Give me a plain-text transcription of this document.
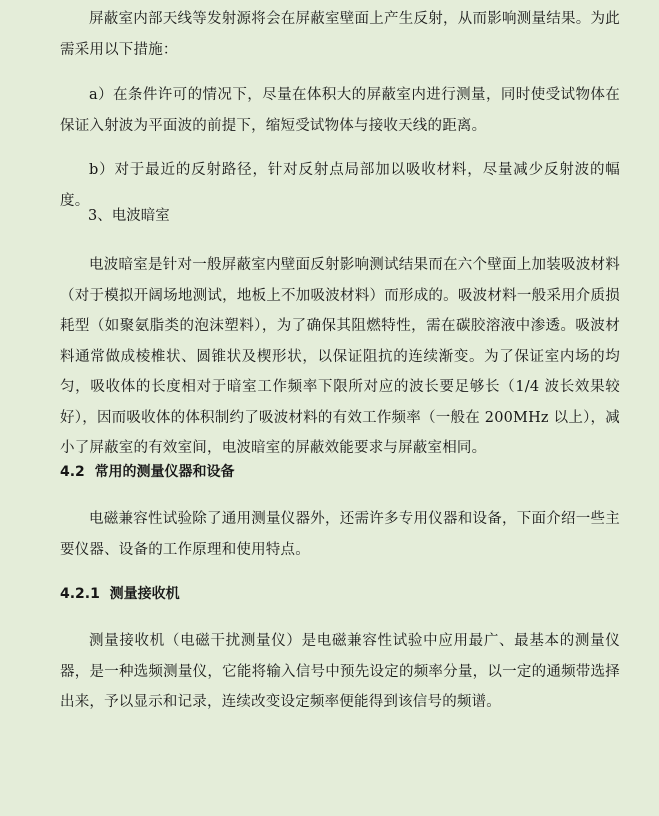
屏蔽室内部天线等发射源将会在屏蔽室壁面上产生反射，从而影响测量结果。为此需采用以下措施：

a）在条件许可的情况下，尽量在体积大的屏蔽室内进行测量，同时使受试物体在保证入射波为平面波的前提下，缩短受试物体与接收天线的距离。

b）对于最近的反射路径，针对反射点局部加以吸收材料，尽量减少反射波的幅度。

3、电波暗室

电波暗室是针对一般屏蔽室内壁面反射影响测试结果而在六个壁面上加装吸波材料（对于模拟开阔场地测试，地板上不加吸波材料）而形成的。吸波材料一般采用介质损耗型（如聚氨脂类的泡沫塑料），为了确保其阻燃特性，需在碳胶溶液中渗透。吸波材料通常做成棱椎状、圆锥状及楔形状，以保证阻抗的连续渐变。为了保证室内场的均匀，吸收体的长度相对于暗室工作频率下限所对应的波长要足够长（1/4 波长效果较好），因而吸收体的体积制约了吸波材料的有效工作频率（一般在 200MHz 以上），减小了屏蔽室的有效室间，电波暗室的屏蔽效能要求与屏蔽室相同。

4.2 常用的测量仪器和设备

电磁兼容性试验除了通用测量仪器外，还需许多专用仪器和设备，下面介绍一些主要仪器、设备的工作原理和使用特点。

4.2.1 测量接收机

测量接收机（电磁干扰测量仪）是电磁兼容性试验中应用最广、最基本的测量仪器，是一种选频测量仪，它能将输入信号中预先设定的频率分量，以一定的通频带选择出来，予以显示和记录，连续改变设定频率便能得到该信号的频谱。
